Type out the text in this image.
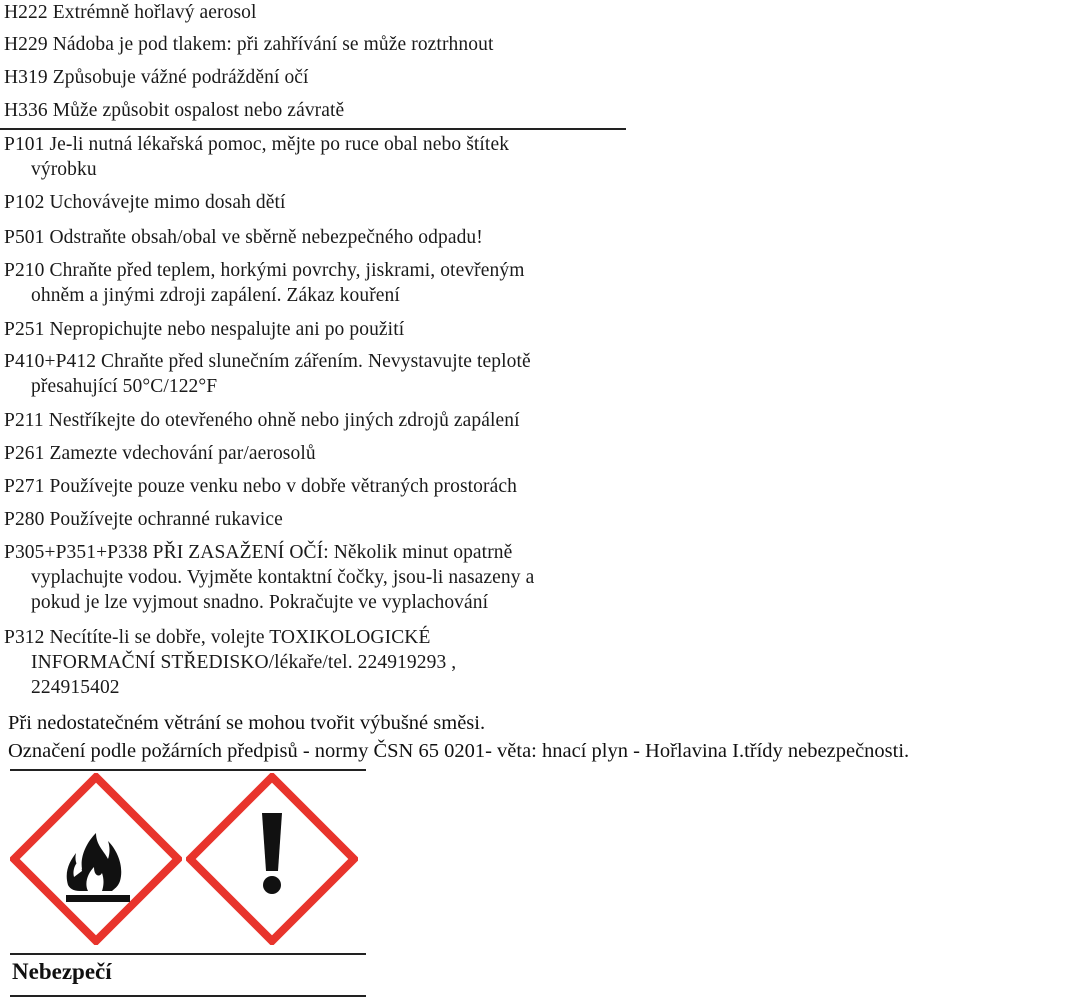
H222 Extrémně hořlavý aerosol
H229 Nádoba je pod tlakem: při zahřívání se může roztrhnout
H319 Způsobuje vážné podráždění očí
H336 Může způsobit ospalost nebo závratě
P101 Je-li nutná lékařská pomoc, mějte po ruce obal nebo štítek
výrobku
P102 Uchovávejte mimo dosah dětí
P501 Odstraňte obsah/obal ve sběrně nebezpečného odpadu!
P210 Chraňte před teplem, horkými povrchy, jiskrami, otevřeným
ohněm a jinými zdroji zapálení. Zákaz kouření
P251 Nepropichujte nebo nespalujte ani po použití
P410+P412 Chraňte před slunečním zářením. Nevystavujte teplotě
přesahující 50°C/122°F
P211 Nestříkejte do otevřeného ohně nebo jiných zdrojů zapálení
P261 Zamezte vdechování par/aerosolů
P271 Používejte pouze venku nebo v dobře větraných prostorách
P280 Používejte ochranné rukavice
P305+P351+P338 PŘI ZASAŽENÍ OČÍ: Několik minut opatrně
vyplachujte vodou. Vyjměte kontaktní čočky, jsou-li nasazeny a
pokud je lze vyjmout snadno. Pokračujte ve vyplachování
P312 Necítíte-li se dobře, volejte TOXIKOLOGICKÉ
INFORMAČNÍ STŘEDISKO/lékaře/tel. 224919293 ,
224915402
Při nedostatečném větrání se mohou tvořit výbušné směsi.
Označení podle požárních předpisů - normy ČSN 65 0201- věta: hnací plyn - Hořlavina I.třídy nebezpečnosti.
Nebezpečí
